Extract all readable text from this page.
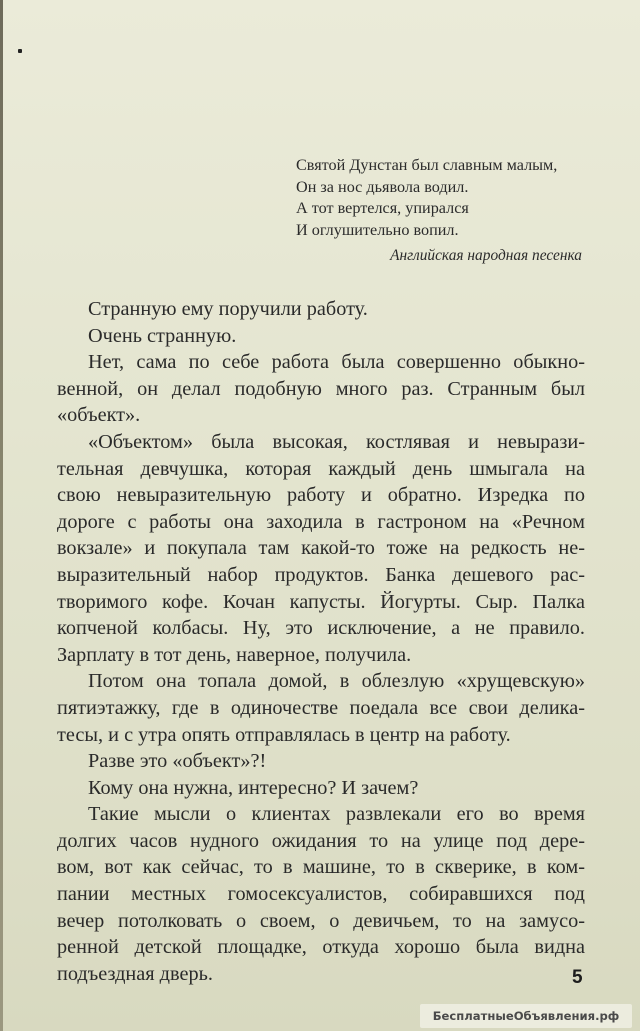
Святой Дунстан был славным малым,
Он за нос дьявола водил.
А тот вертелся, упирался
И оглушительно вопил.
Английская народная песенка
Странную ему поручили работу.
Очень странную.
Нет, сама по себе работа была совершенно обыкно-
венной, он делал подобную много раз. Странным был
«объект».
«Объектом» была высокая, костлявая и невырази-
тельная девчушка, которая каждый день шмыгала на
свою невыразительную работу и обратно. Изредка по
дороге с работы она заходила в гастроном на «Речном
вокзале» и покупала там какой-то тоже на редкость не-
выразительный набор продуктов. Банка дешевого рас-
творимого кофе. Кочан капусты. Йогурты. Сыр. Палка
копченой колбасы. Ну, это исключение, а не правило.
Зарплату в тот день, наверное, получила.
Потом она топала домой, в облезлую «хрущевскую»
пятиэтажку, где в одиночестве поедала все свои делика-
тесы, и с утра опять отправлялась в центр на работу.
Разве это «объект»?!
Кому она нужна, интересно? И зачем?
Такие мысли о клиентах развлекали его во время
долгих часов нудного ожидания то на улице под дере-
вом, вот как сейчас, то в машине, то в скверике, в ком-
пании местных гомосексуалистов, собиравшихся под
вечер потолковать о своем, о девичьем, то на замусо-
ренной детской площадке, откуда хорошо была видна
подъездная дверь.	5
БесплатныеОбъявления.рф
